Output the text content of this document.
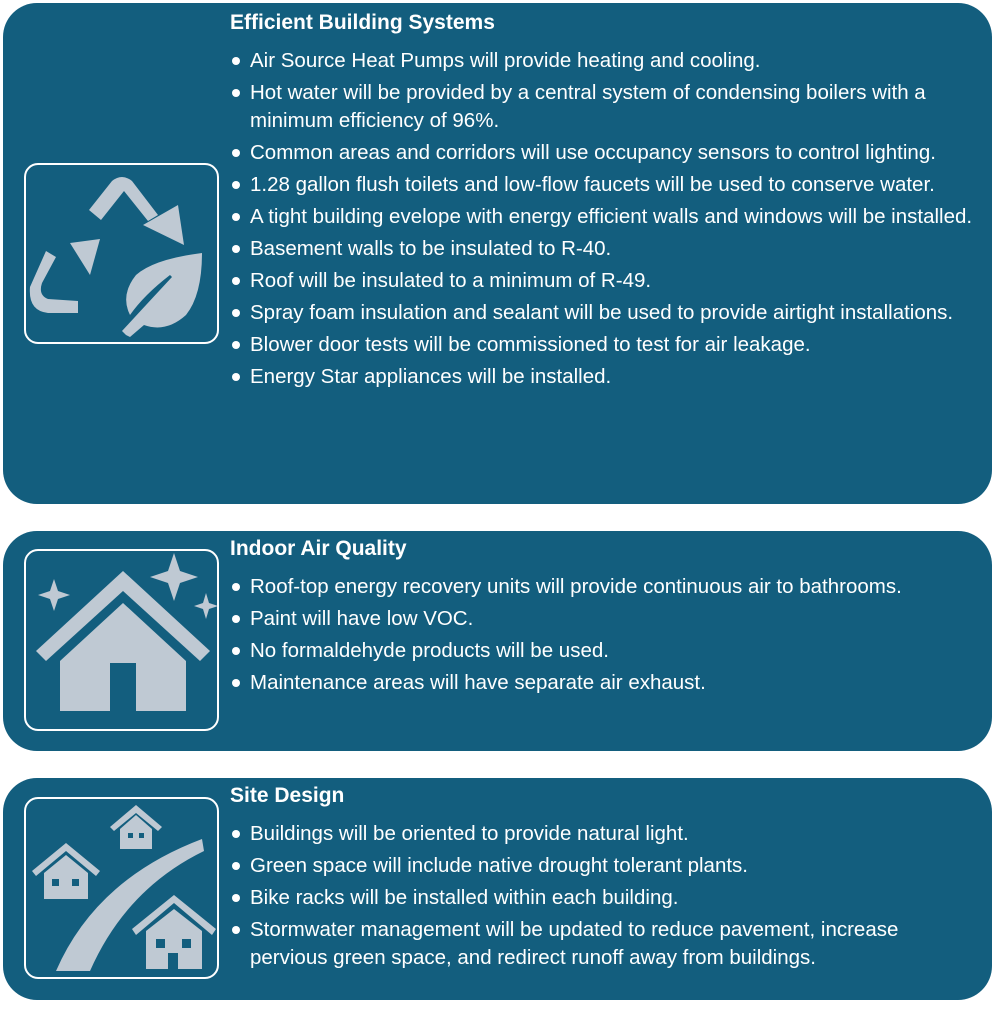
Efficient Building Systems
Air Source Heat Pumps will provide heating and cooling.
Hot water will be provided by a central system of condensing boilers with a minimum efficiency of 96%.
Common areas and corridors will use occupancy sensors to control lighting.
1.28 gallon flush toilets and low-flow faucets will be used to conserve water.
A tight building evelope with energy efficient walls and windows will be installed.
Basement walls to be insulated to R-40.
Roof will be insulated to a minimum of R-49.
Spray foam insulation and sealant will be used to provide airtight installations.
Blower door tests will be commissioned to test for air leakage.
Energy Star appliances will be installed.
Indoor Air Quality
Roof-top energy recovery units will provide continuous air to bathrooms.
Paint will have low VOC.
No formaldehyde products will be used.
Maintenance areas will have separate air exhaust.
Site Design
Buildings will be oriented to provide natural light.
Green space will include native drought tolerant plants.
Bike racks will be installed within each building.
Stormwater management will be updated to reduce pavement, increase pervious green space, and redirect runoff away from buildings.
